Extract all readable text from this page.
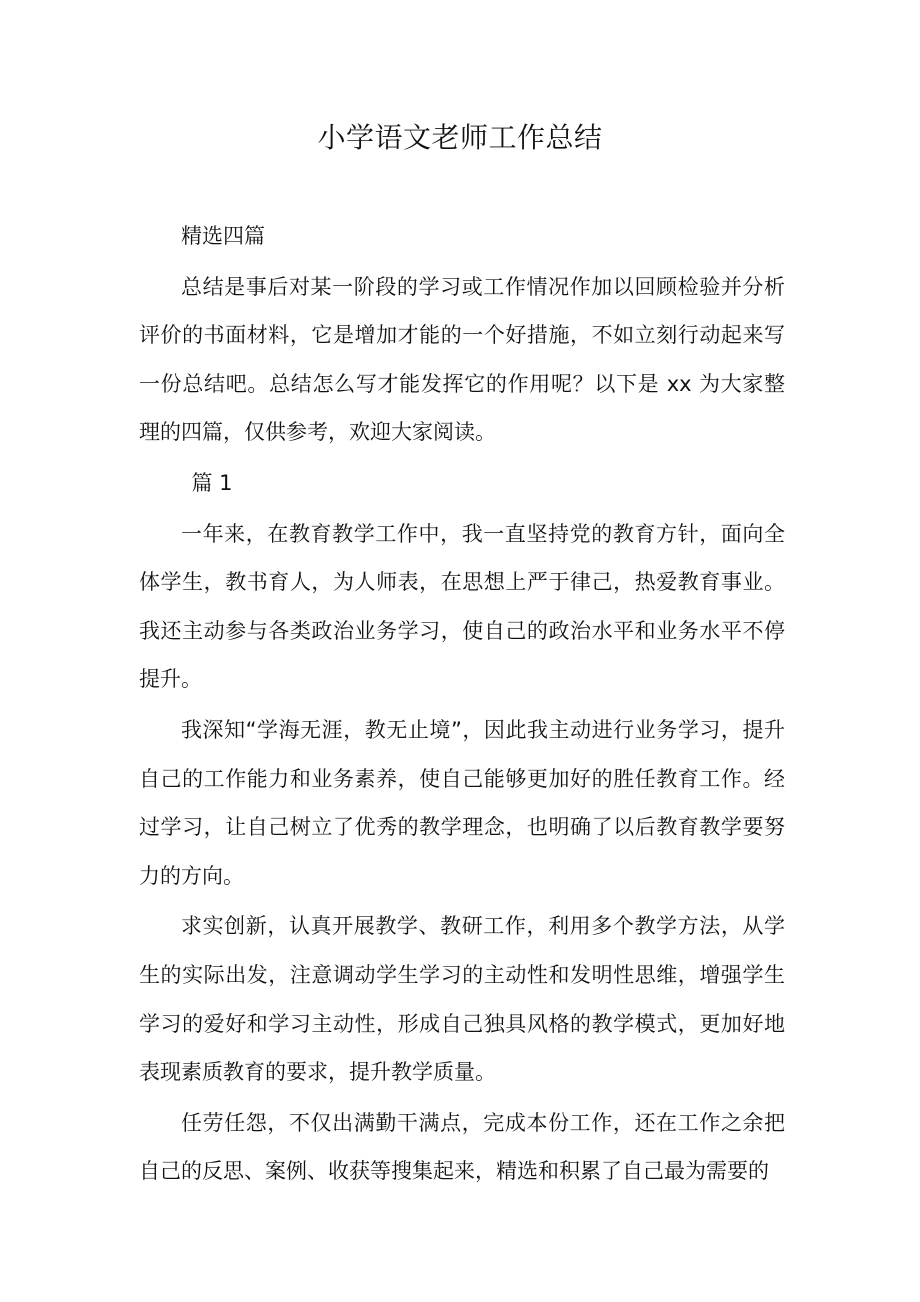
小学语文老师工作总结

精选四篇

总结是事后对某一阶段的学习或工作情况作加以回顾检验并分析评价的书面材料，它是增加才能的一个好措施，不如立刻行动起来写一份总结吧。总结怎么写才能发挥它的作用呢？以下是 xx 为大家整理的四篇，仅供参考，欢迎大家阅读。

篇 1

一年来，在教育教学工作中，我一直坚持党的教育方针，面向全体学生，教书育人，为人师表，在思想上严于律己，热爱教育事业。我还主动参与各类政治业务学习，使自己的政治水平和业务水平不停提升。

我深知“学海无涯，教无止境”，因此我主动进行业务学习，提升自己的工作能力和业务素养，使自己能够更加好的胜任教育工作。经过学习，让自己树立了优秀的教学理念，也明确了以后教育教学要努力的方向。

求实创新，认真开展教学、教研工作，利用多个教学方法，从学生的实际出发，注意调动学生学习的主动性和发明性思维，增强学生学习的爱好和学习主动性，形成自己独具风格的教学模式，更加好地表现素质教育的要求，提升教学质量。

任劳任怨，不仅出满勤干满点，完成本份工作，还在工作之余把自己的反思、案例、收获等搜集起来，精选和积累了自己最为需要的
